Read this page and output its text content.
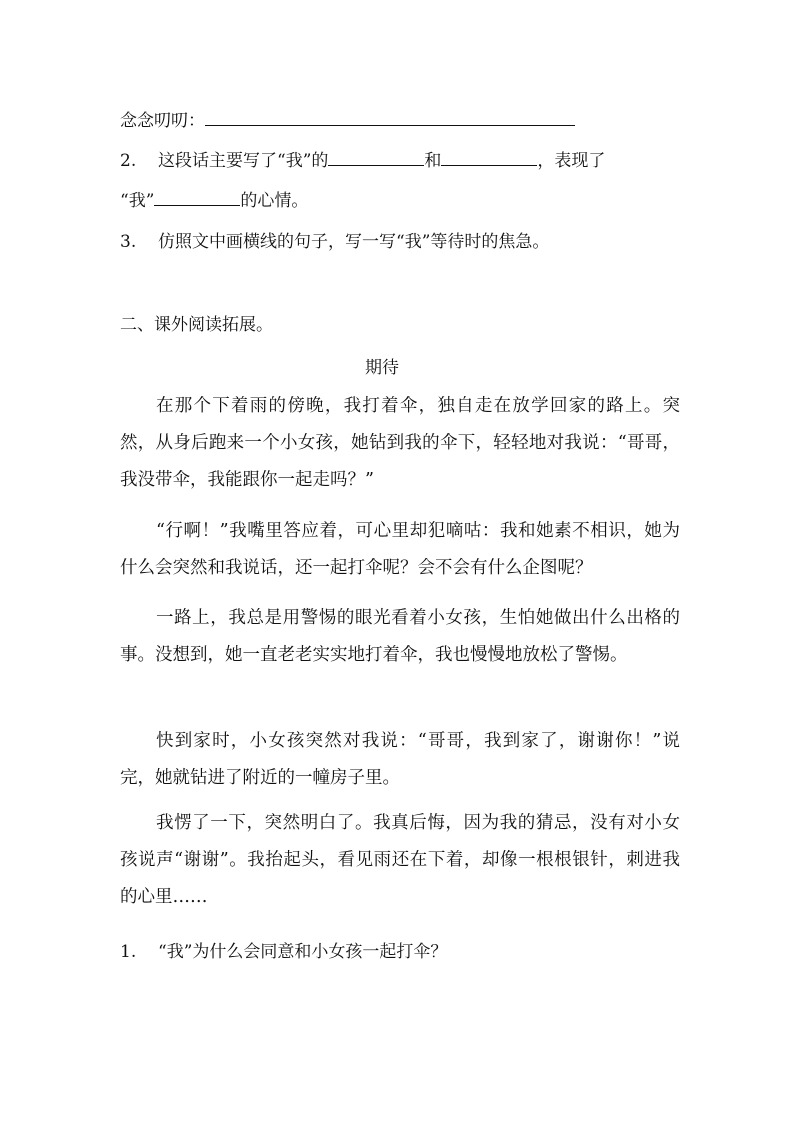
念念叨叨：
2. 这段话主要写了“我”的	和	，表现了
“我”	的心情。
3. 仿照文中画横线的句子，写一写“我”等待时的焦急。
二、课外阅读拓展。
期待

在那个下着雨的傍晚，我打着伞，独自走在放学回家的路上。突然，从身后跑来一个小女孩，她钻到我的伞下，轻轻地对我说：“哥哥，我没带伞，我能跟你一起走吗？”

“行啊！”我嘴里答应着，可心里却犯嘀咕：我和她素不相识，她为什么会突然和我说话，还一起打伞呢？会不会有什么企图呢？

一路上，我总是用警惕的眼光看着小女孩，生怕她做出什么出格的事。没想到，她一直老老实实地打着伞，我也慢慢地放松了警惕。

快到家时，小女孩突然对我说：“哥哥，我到家了，谢谢你！”说完，她就钻进了附近的一幢房子里。

我愣了一下，突然明白了。我真后悔，因为我的猜忌，没有对小女孩说声“谢谢”。我抬起头，看见雨还在下着，却像一根根银针，刺进我的心里……

1. “我”为什么会同意和小女孩一起打伞？
